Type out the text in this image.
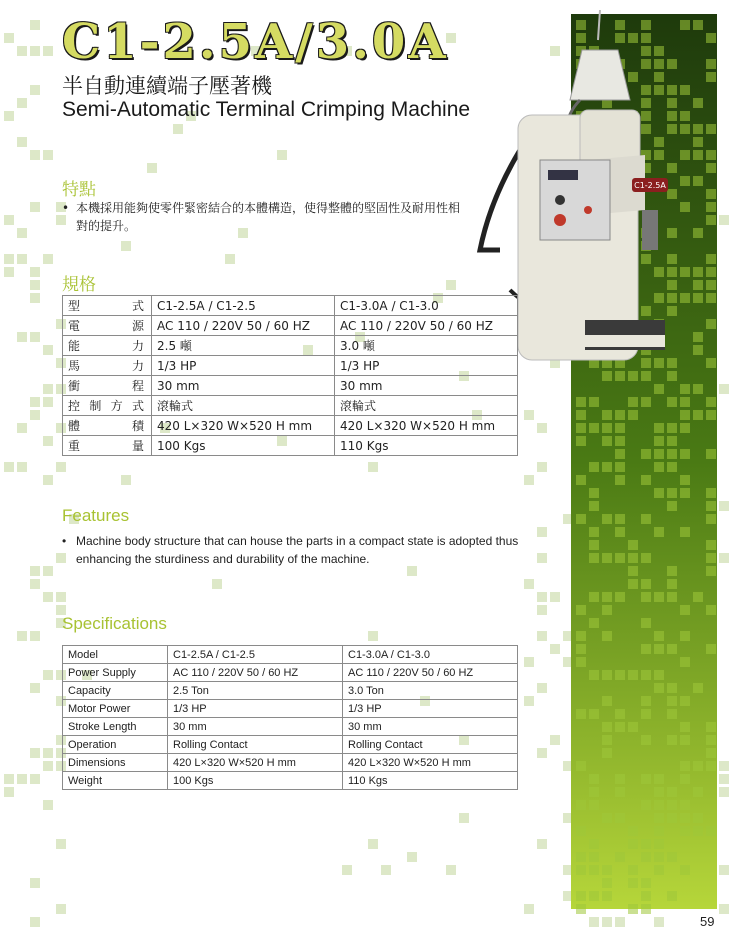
C1-2.5A
C1-2.5A/3.0A
半自動連續端子壓著機
Semi-Automatic Terminal Crimping Machine
特點
• 本機採用能夠使零件緊密結合的本體構造，使得整體的堅固性及耐用性相對的提升。
規格
型式	C1-2.5A / C1-2.5	C1-3.0A / C1-3.0
電源	AC 110 / 220V 50 / 60 HZ	AC 110 / 220V 50 / 60 HZ
能力	2.5 噸	3.0 噸
馬力	1/3 HP	1/3 HP
衝程	30 mm	30 mm
控制方式	滾輪式	滾輪式
體積	420 L×320 W×520 H mm	420 L×320 W×520 H mm
重量	100 Kgs	110 Kgs
Features
• Machine body structure that can house the parts in a compact state is adopted thus enhancing the sturdiness and durability of the machine.
Specifications
Model	C1-2.5A / C1-2.5	C1-3.0A / C1-3.0
Power Supply	AC 110 / 220V 50 / 60 HZ	AC 110 / 220V 50 / 60 HZ
Capacity	2.5 Ton	3.0 Ton
Motor Power	1/3 HP	1/3 HP
Stroke Length	30 mm	30 mm
Operation	Rolling Contact	Rolling Contact
Dimensions	420 L×320 W×520 H mm	420 L×320 W×520 H mm
Weight	100 Kgs	110 Kgs
59
